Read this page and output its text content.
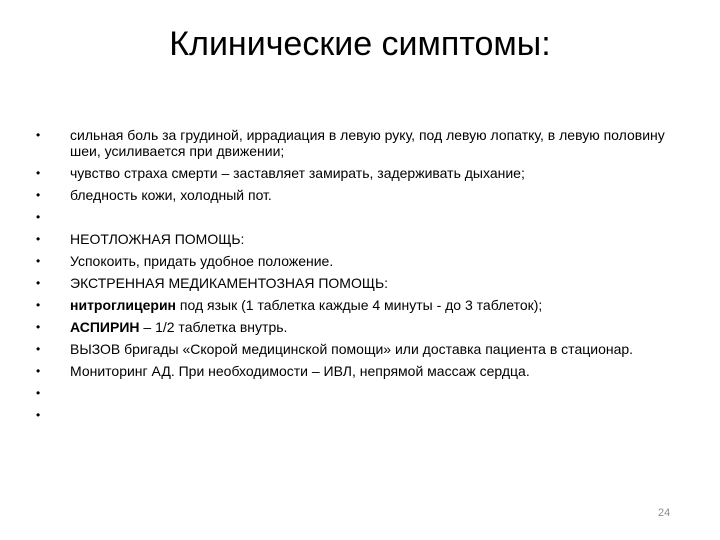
Клинические симптомы:
•	сильная боль за грудиной, иррадиация в левую руку, под левую лопатку, в левую половину шеи, усиливается при движении;
•	чувство страха смерти – заставляет замирать, задерживать дыхание;
•	бледность кожи, холодный пот.
•
•	НЕОТЛОЖНАЯ ПОМОЩЬ:
•	Успокоить, придать удобное положение.
•	ЭКСТРЕННАЯ МЕДИКАМЕНТОЗНАЯ ПОМОЩЬ:
•	нитроглицерин под язык (1 таблетка каждые 4 минуты - до 3 таблеток);
•	АСПИРИН – 1/2 таблетка внутрь.
•	ВЫЗОВ бригады «Скорой медицинской помощи» или доставка пациента в стационар.
•	Мониторинг АД. При необходимости – ИВЛ, непрямой массаж сердца.
•
•
24
